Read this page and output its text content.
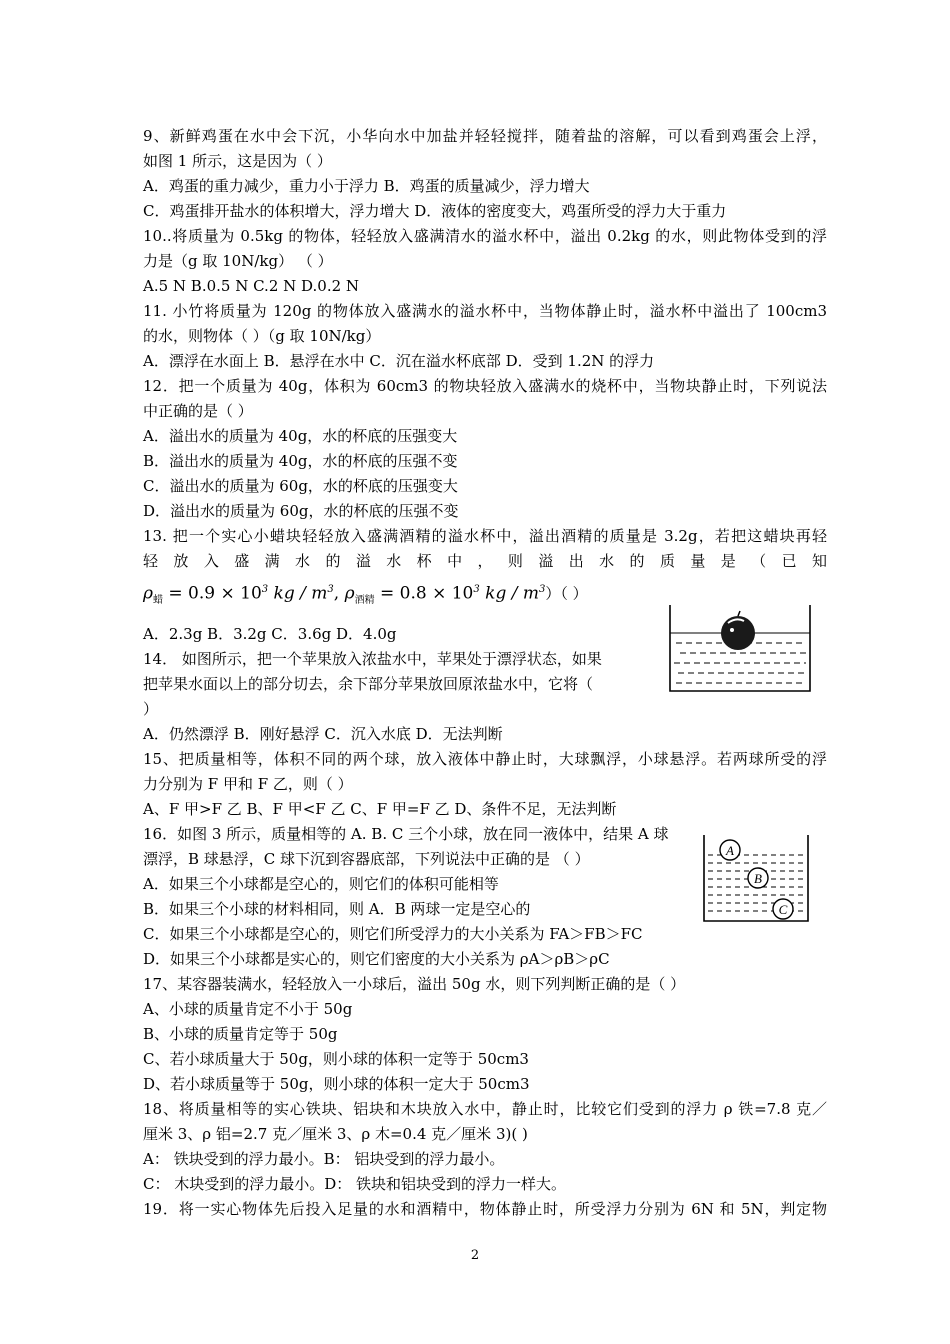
9、新鲜鸡蛋在水中会下沉，小华向水中加盐并轻轻搅拌，随着盐的溶解，可以看到鸡蛋会上浮，
如图 1 所示，这是因为（ ）
A．鸡蛋的重力减少，重力小于浮力 B．鸡蛋的质量减少，浮力增大
C．鸡蛋排开盐水的体积增大，浮力增大 D．液体的密度变大，鸡蛋所受的浮力大于重力
10..将质量为 0.5kg 的物体，轻轻放入盛满清水的溢水杯中，溢出 0.2kg 的水，则此物体受到的浮
力是（g 取 10N/kg） （ ）
A.5 N B.0.5 N C.2 N D.0.2 N
11. 小竹将质量为 120g 的物体放入盛满水的溢水杯中，当物体静止时，溢水杯中溢出了 100cm3
的水，则物体（ ）（g 取 10N/kg）
A．漂浮在水面上 B．悬浮在水中 C．沉在溢水杯底部 D．受到 1.2N 的浮力
12．把一个质量为 40g，体积为 60cm3 的物块轻放入盛满水的烧杯中，当物块静止时，下列说法
中正确的是（ ）
A．溢出水的质量为 40g，水的杯底的压强变大
B．溢出水的质量为 40g，水的杯底的压强不变
C．溢出水的质量为 60g，水的杯底的压强变大
D．溢出水的质量为 60g，水的杯底的压强不变
13. 把一个实心小蜡块轻轻放入盛满酒精的溢水杯中，溢出酒精的质量是 3.2g，若把这蜡块再轻
轻 放 入 盛 满 水 的 溢 水 杯 中 ， 则 溢 出 水 的 质 量 是 （ 已 知
$\rho_蜡 = 0.9 \times 10^3$ kg / $m^3$, $\rho_{酒精} = 0.8 \times 10^3$ kg / $m^3$）（ ）
A．2.3g B．3.2g C．3.6g D．4.0g
14． 如图所示，把一个苹果放入浓盐水中，苹果处于漂浮状态，如果
把苹果水面以上的部分切去，余下部分苹果放回原浓盐水中，它将（
）
A．仍然漂浮 B．刚好悬浮 C．沉入水底 D．无法判断
15、把质量相等，体积不同的两个球，放入液体中静止时，大球飘浮，小球悬浮。若两球所受的浮
力分别为 F 甲和 F 乙，则（ ）
A、F 甲>F 乙 B、F 甲<F 乙 C、F 甲=F 乙 D、条件不足，无法判断
16．如图 3 所示，质量相等的 A. B. C 三个小球，放在同一液体中，结果 A 球
漂浮，B 球悬浮，C 球下沉到容器底部，下列说法中正确的是 （ ）
A．如果三个小球都是空心的，则它们的体积可能相等
B．如果三个小球的材料相同，则 A．B 两球一定是空心的
C．如果三个小球都是空心的，则它们所受浮力的大小关系为 FA＞FB＞FC
D．如果三个小球都是实心的，则它们密度的大小关系为 ρA＞ρB＞ρC
17、某容器装满水，轻轻放入一小球后，溢出 50g 水，则下列判断正确的是（ ）
A、小球的质量肯定不小于 50g
B、小球的质量肯定等于 50g
C、若小球质量大于 50g，则小球的体积一定等于 50cm3
D、若小球质量等于 50g，则小球的体积一定大于 50cm3
18、将质量相等的实心铁块、铝块和木块放入水中，静止时，比较它们受到的浮力 ρ 铁=7.8 克／
厘米 3、ρ 铝=2.7 克／厘米 3、ρ 木=0.4 克／厘米 3)( )
A： 铁块受到的浮力最小。B： 铝块受到的浮力最小。
C： 木块受到的浮力最小。D： 铁块和铝块受到的浮力一样大。
19．将一实心物体先后投入足量的水和酒精中，物体静止时，所受浮力分别为 6N 和 5N，判定物
A
B
C
2
